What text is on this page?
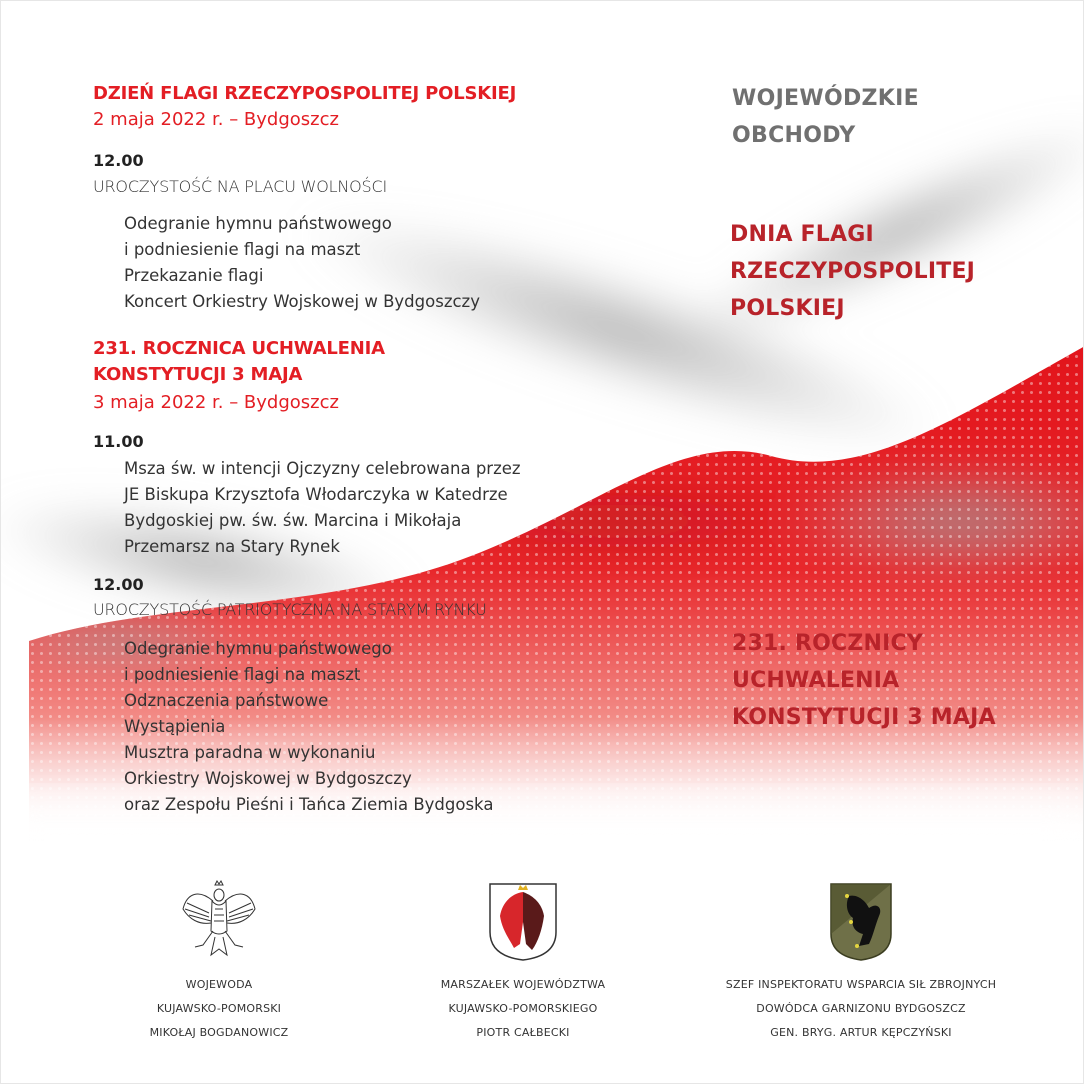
DZIEŃ FLAGI RZECZYPOSPOLITEJ POLSKIEJ
2 maja 2022 r. – Bydgoszcz
12.00
UROCZYSTOŚĆ NA PLACU WOLNOŚCI
Odegranie hymnu państwowego
i podniesienie flagi na maszt
Przekazanie flagi
Koncert Orkiestry Wojskowej w Bydgoszczy
231. ROCZNICA UCHWALENIA
KONSTYTUCJI 3 MAJA
3 maja 2022 r. – Bydgoszcz
11.00
Msza św. w intencji Ojczyzny celebrowana przez
JE Biskupa Krzysztofa Włodarczyka w Katedrze
Bydgoskiej pw. św. św. Marcina i Mikołaja
Przemarsz na Stary Rynek
12.00
UROCZYSTOŚĆ PATRIOTYCZNA NA STARYM RYNKU
Odegranie hymnu państwowego
i podniesienie flagi na maszt
Odznaczenia państwowe
Wystąpienia
Musztra paradna w wykonaniu
Orkiestry Wojskowej w Bydgoszczy
oraz Zespołu Pieśni i Tańca Ziemia Bydgoska
WOJEWÓDZKIE
OBCHODY
DNIA FLAGI
RZECZYPOSPOLITEJ
POLSKIEJ
231. ROCZNICY
UCHWALENIA
KONSTYTUCJI 3 MAJA
WOJEWODA
KUJAWSKO-POMORSKI
MIKOŁAJ BOGDANOWICZ
MARSZAŁEK WOJEWÓDZTWA
KUJAWSKO-POMORSKIEGO
PIOTR CAŁBECKI
SZEF INSPEKTORATU WSPARCIA SIŁ ZBROJNYCH
DOWÓDCA GARNIZONU BYDGOSZCZ
GEN. BRYG. ARTUR KĘPCZYŃSKI
